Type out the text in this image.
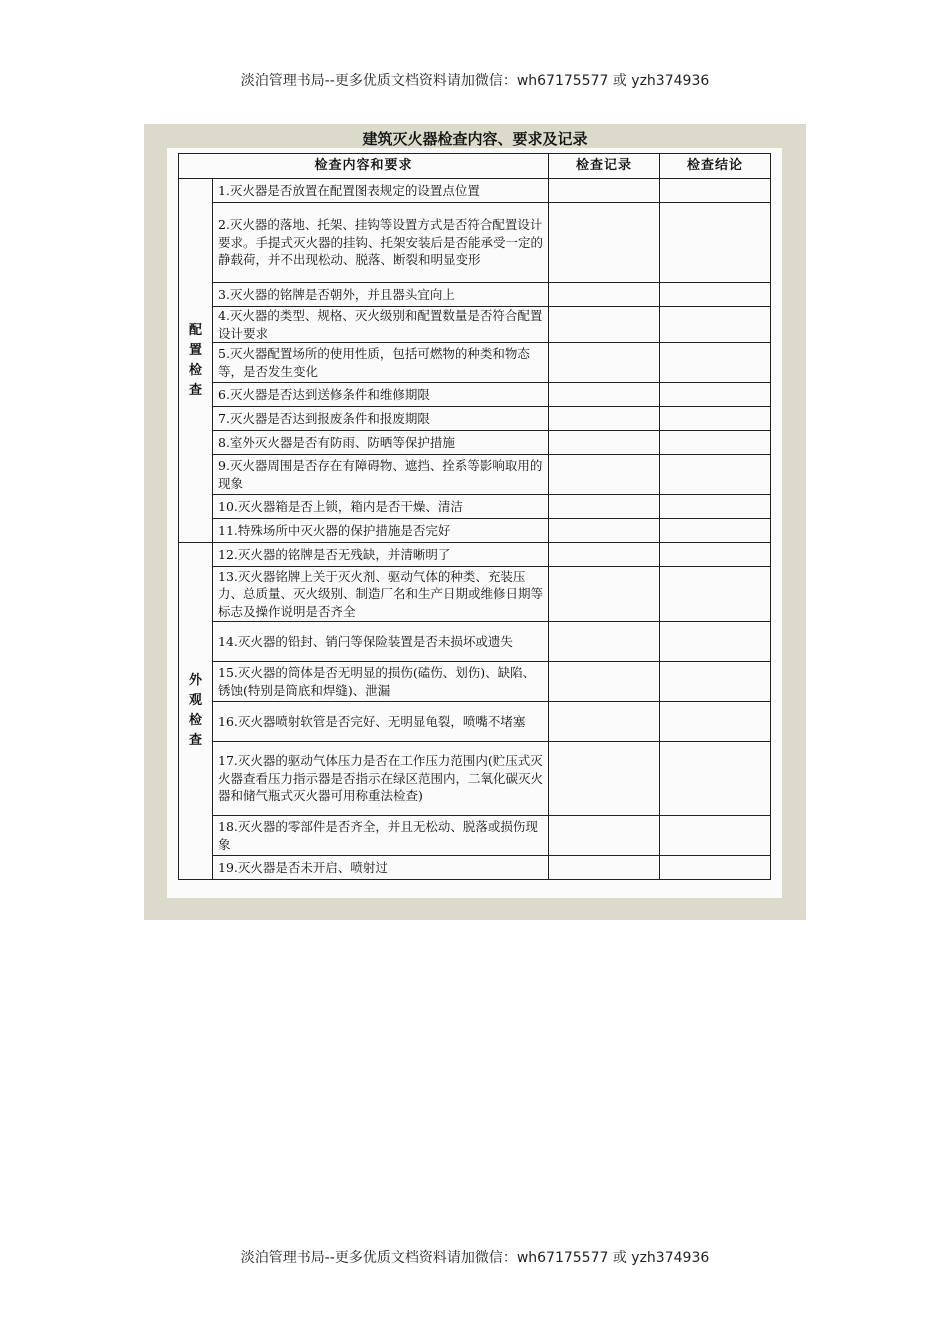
淡泊管理书局--更多优质文档资料请加微信：wh67175577 或 yzh374936
建筑灭火器检查内容、要求及记录
检查内容和要求		检查记录	检查结论
配置检查	1.灭火器是否放置在配置图表规定的设置点位置		
	2.灭火器的落地、托架、挂钩等设置方式是否符合配置设计要求。手提式灭火器的挂钩、托架安装后是否能承受一定的静载荷，并不出现松动、脱落、断裂和明显变形		
	3.灭火器的铭牌是否朝外，并且器头宜向上		
	4.灭火器的类型、规格、灭火级别和配置数量是否符合配置设计要求		
	5.灭火器配置场所的使用性质，包括可燃物的种类和物态等，是否发生变化		
	6.灭火器是否达到送修条件和维修期限		
	7.灭火器是否达到报废条件和报废期限		
	8.室外灭火器是否有防雨、防晒等保护措施		
	9.灭火器周围是否存在有障碍物、遮挡、拴系等影响取用的现象		
	10.灭火器箱是否上锁，箱内是否干燥、清洁		
	11.特殊场所中灭火器的保护措施是否完好		
外观检查	12.灭火器的铭牌是否无残缺，并清晰明了		
	13.灭火器铭牌上关于灭火剂、驱动气体的种类、充装压力、总质量、灭火级别、制造厂名和生产日期或维修日期等标志及操作说明是否齐全		
	14.灭火器的铅封、销闩等保险装置是否未损坏或遗失		
	15.灭火器的筒体是否无明显的损伤(磕伤、划伤)、缺陷、锈蚀(特别是筒底和焊缝)、泄漏		
	16.灭火器喷射软管是否完好、无明显龟裂，喷嘴不堵塞		
	17.灭火器的驱动气体压力是否在工作压力范围内(贮压式灭火器查看压力指示器是否指示在绿区范围内，二氧化碳灭火器和储气瓶式灭火器可用称重法检查)		
	18.灭火器的零部件是否齐全，并且无松动、脱落或损伤现象		
	19.灭火器是否未开启、喷射过		
淡泊管理书局--更多优质文档资料请加微信：wh67175577 或 yzh374936
